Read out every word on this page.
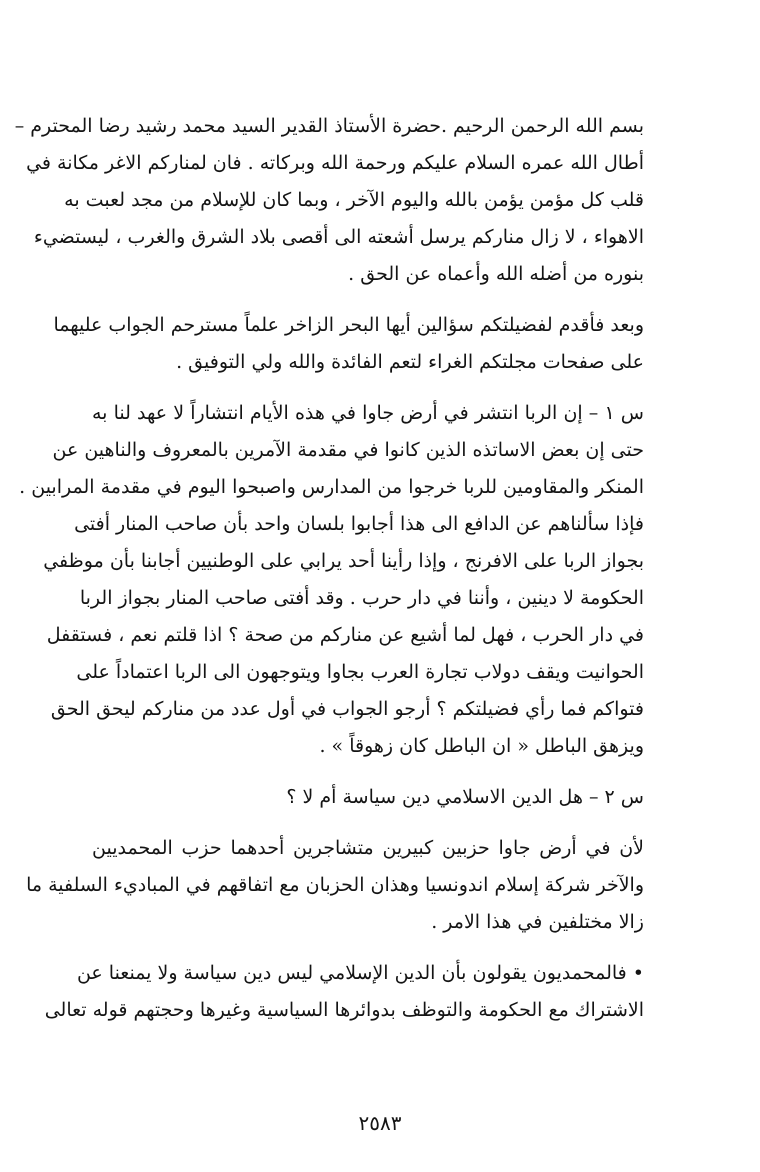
بسم الله الرحمن الرحيم .حضرة الأستاذ القدير السيد محمد رشيد رضا المحترم –
أطال الله عمره السلام عليكم ورحمة الله وبركاته . فان لمناركم الاغر مكانة في
قلب كل مؤمن يؤمن بالله واليوم الآخر ، وبما كان للإسلام من مجد لعبت به
الاهواء ، لا زال مناركم يرسل أشعته الى أقصى بلاد الشرق والغرب ، ليستضيء
بنوره من أضله الله وأعماه عن الحق .
وبعد فأقدم لفضيلتكم سؤالين أيها البحر الزاخر علماً مسترحم الجواب عليهما
على صفحات مجلتكم الغراء لتعم الفائدة والله ولي التوفيق .
س ١ – إن الربا انتشر في أرض جاوا في هذه الأيام انتشاراً لا عهد لنا به
حتى إن بعض الاساتذه الذين كانوا في مقدمة الآمرين بالمعروف والناهين عن
المنكر والمقاومين للربا خرجوا من المدارس واصبحوا اليوم في مقدمة المرابين .
فإذا سألناهم عن الدافع الى هذا أجابوا بلسان واحد بأن صاحب المنار أفتى
بجواز الربا على الافرنج ، وإذا رأينا أحد يرابي على الوطنيين أجابنا بأن موظفي
الحكومة لا دينين ، وأننا في دار حرب . وقد أفتى صاحب المنار بجواز الربا
في دار الحرب ، فهل لما أشيع عن مناركم من صحة ؟ اذا قلتم نعم ، فستقفل
الحوانيت ويقف دولاب تجارة العرب بجاوا ويتوجهون الى الربا اعتماداً على
فتواكم فما رأي فضيلتكم ؟ أرجو الجواب في أول عدد من مناركم ليحق الحق
ويزهق الباطل « ان الباطل كان زهوقاً » .
س ٢ – هل الدين الاسلامي دين سياسة أم لا ؟
لأن في أرض جاوا حزبين كبيرين متشاجرين أحدهما حزب المحمديين
والآخر شركة إسلام اندونسيا وهذان الحزبان مع اتفاقهم في المباديء السلفية ما
زالا مختلفين في هذا الامر .
• فالمحمديون يقولون بأن الدين الإسلامي ليس دين سياسة ولا يمنعنا عن
الاشتراك مع الحكومة والتوظف بدوائرها السياسية وغيرها وحجتهم قوله تعالى
٢٥٨٣
